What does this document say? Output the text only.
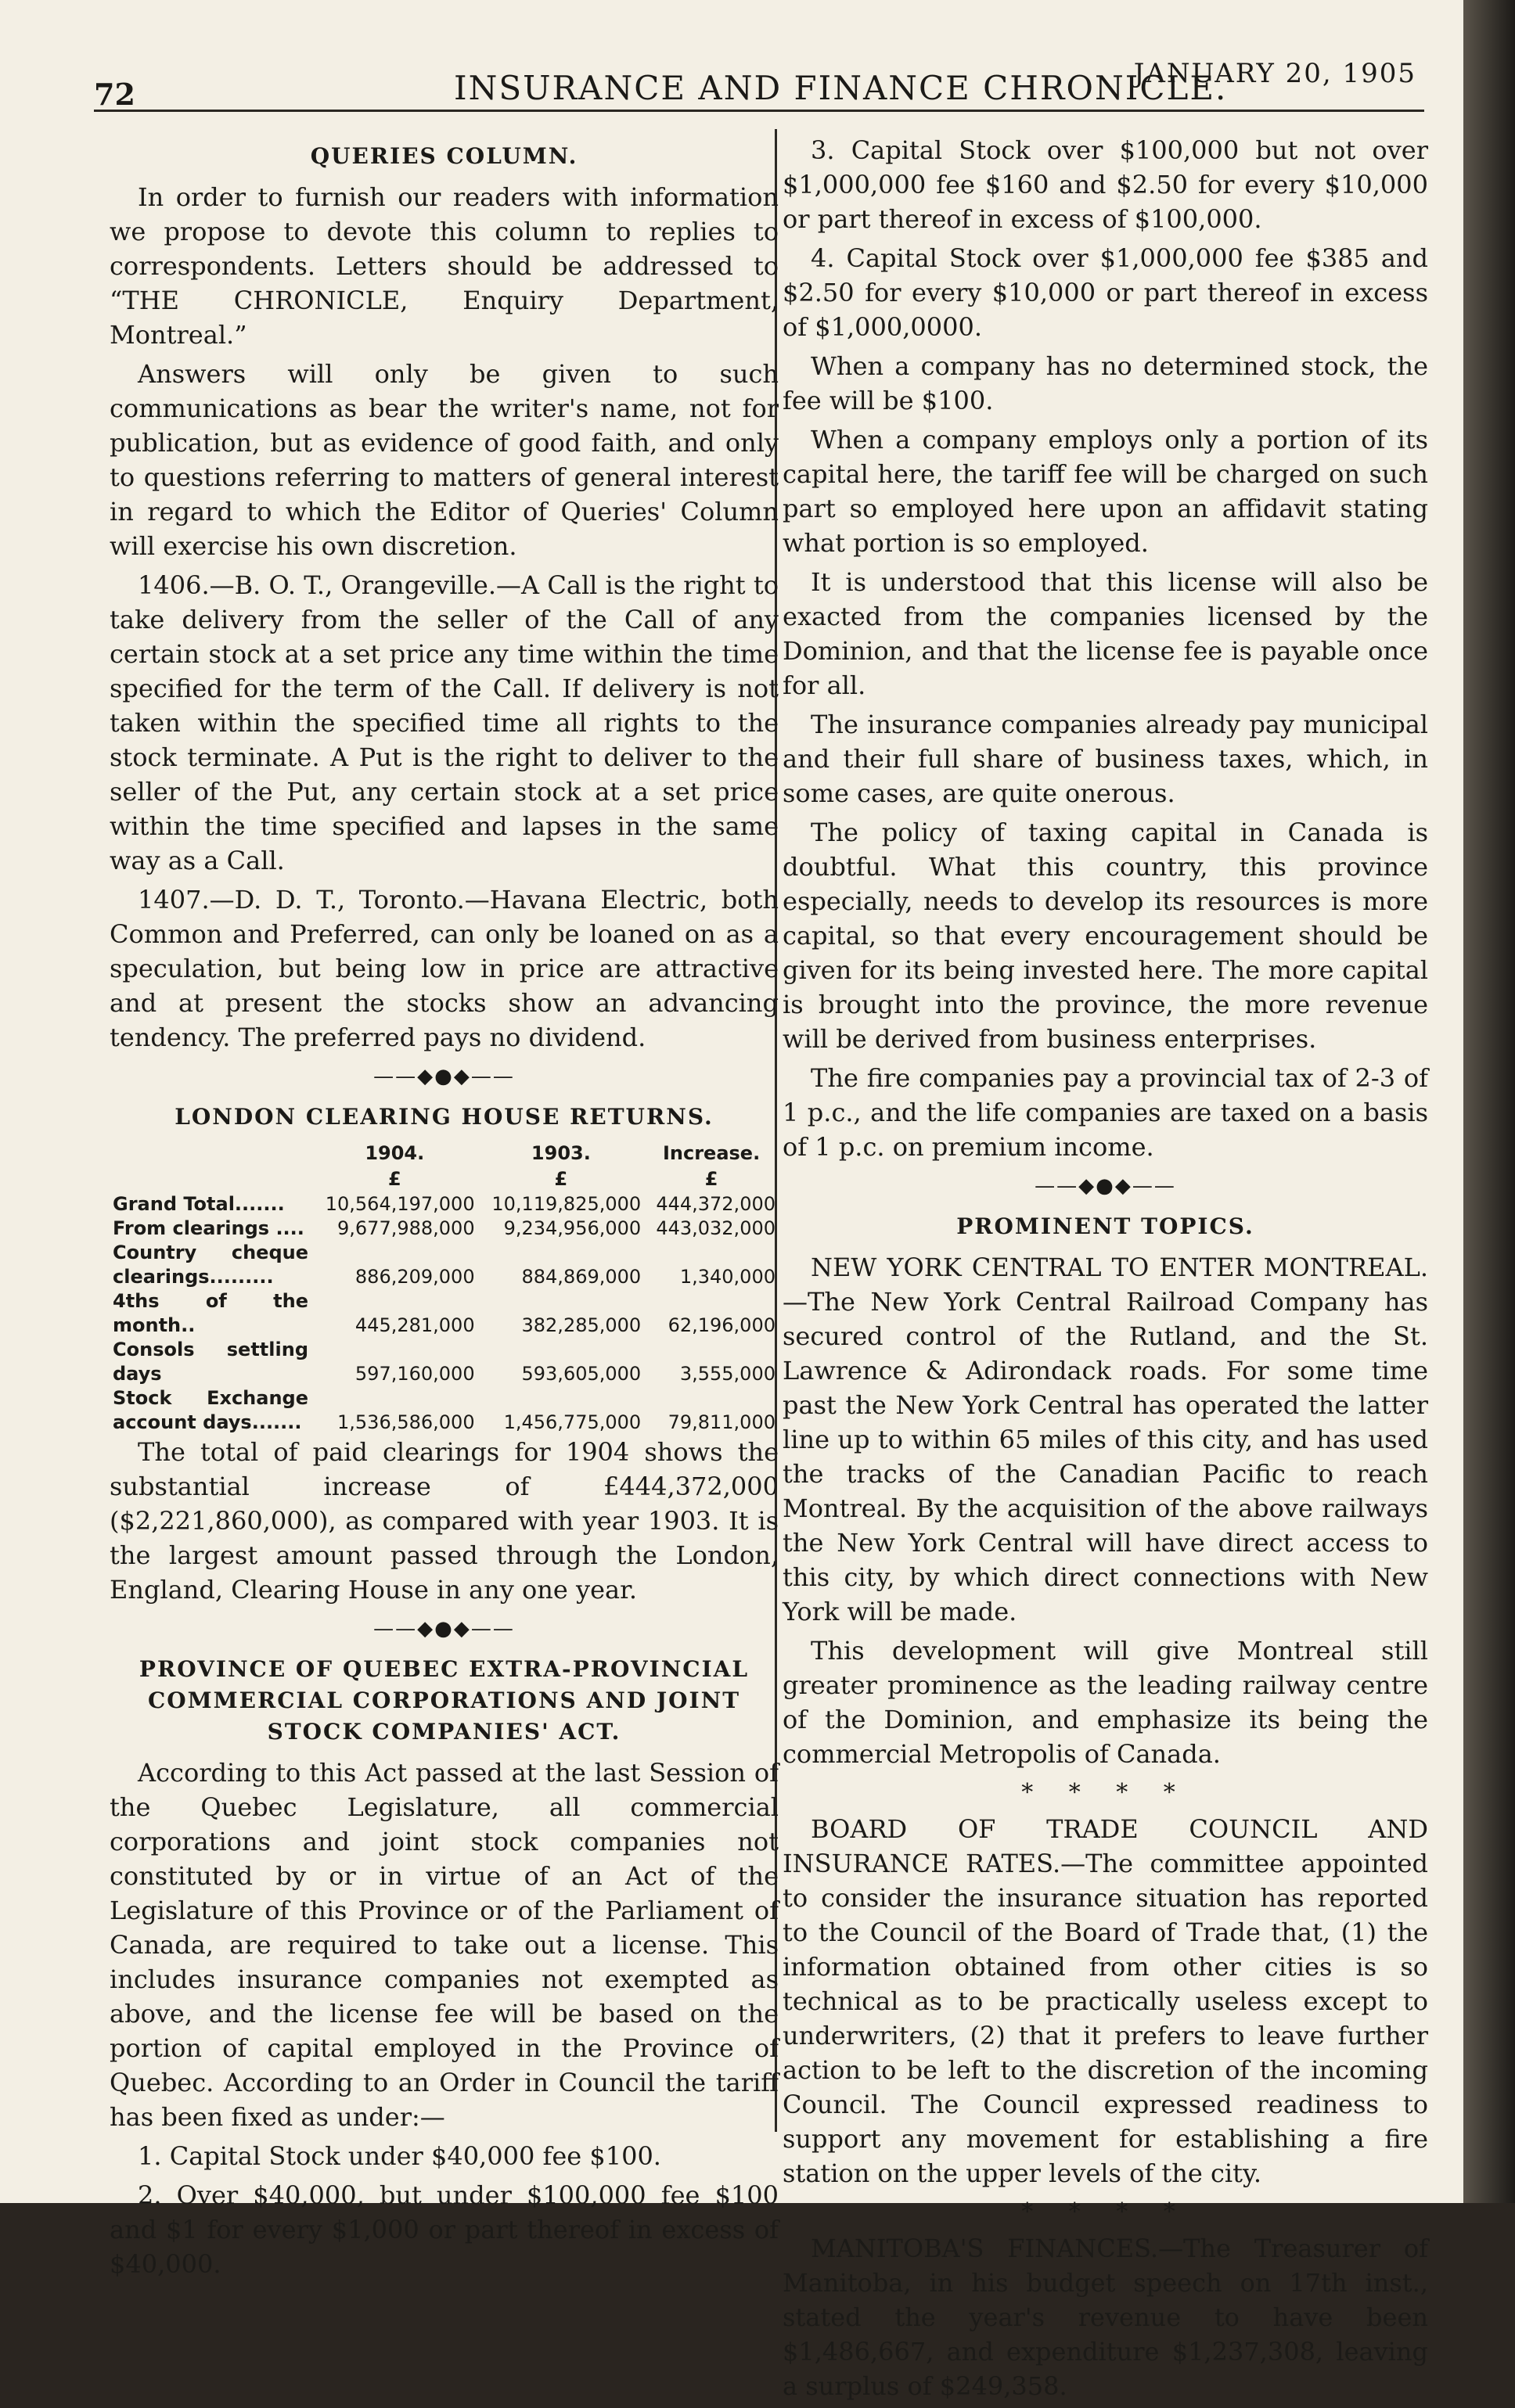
72	INSURANCE AND FINANCE CHRONICLE.
JANUARY 20, 1905
QUERIES COLUMN.

In order to furnish our readers with information we propose to devote this column to replies to correspondents. Letters should be addressed to “THE CHRONICLE, Enquiry Department, Montreal.”

Answers will only be given to such communications as bear the writer's name, not for publication, but as evidence of good faith, and only to questions referring to matters of general interest in regard to which the Editor of Queries' Column will exercise his own discretion.

1406.—B. O. T., Orangeville.—A Call is the right to take delivery from the seller of the Call of any certain stock at a set price any time within the time specified for the term of the Call. If delivery is not taken within the specified time all rights to the stock terminate. A Put is the right to deliver to the seller of the Put, any certain stock at a set price within the time specified and lapses in the same way as a Call.

1407.—D. D. T., Toronto.—Havana Electric, both Common and Preferred, can only be loaned on as a speculation, but being low in price are attractive and at present the stocks show an advancing tendency. The preferred pays no dividend.

——◆●◆——
LONDON CLEARING HOUSE RETURNS.
	1904.	1903.	Increase.
	£	£	£
Grand Total.......	10,564,197,000	10,119,825,000	444,372,000
From clearings ....	9,677,988,000	9,234,956,000	443,032,000
Country cheque clearings.........	886,209,000	884,869,000	1,340,000
4ths of the month..	445,281,000	382,285,000	62,196,000
Consols settling days	597,160,000	593,605,000	3,555,000
Stock Exchange account days.......	1,536,586,000	1,456,775,000	79,811,000

The total of paid clearings for 1904 shows the substantial increase of £444,372,000 ($2,221,860,000), as compared with year 1903. It is the largest amount passed through the London, England, Clearing House in any one year.

——◆●◆——
PROVINCE OF QUEBEC EXTRA-PROVINCIAL COMMERCIAL CORPORATIONS AND JOINT STOCK COMPANIES' ACT.

According to this Act passed at the last Session of the Quebec Legislature, all commercial corporations and joint stock companies not constituted by or in virtue of an Act of the Legislature of this Province or of the Parliament of Canada, are required to take out a license. This includes insurance companies not exempted as above, and the license fee will be based on the portion of capital employed in the Province of Quebec. According to an Order in Council the tariff has been fixed as under:—

1. Capital Stock under $40,000 fee $100.

2. Over $40,000, but under $100,000 fee $100 and $1 for every $1,000 or part thereof in excess of $40,000.

3. Capital Stock over $100,000 but not over $1,000,000 fee $160 and $2.50 for every $10,000 or part thereof in excess of $100,000.

4. Capital Stock over $1,000,000 fee $385 and $2.50 for every $10,000 or part thereof in excess of $1,000,0000.

When a company has no determined stock, the fee will be $100.

When a company employs only a portion of its capital here, the tariff fee will be charged on such part so employed here upon an affidavit stating what portion is so employed.

It is understood that this license will also be exacted from the companies licensed by the Dominion, and that the license fee is payable once for all.

The insurance companies already pay municipal and their full share of business taxes, which, in some cases, are quite onerous.

The policy of taxing capital in Canada is doubtful. What this country, this province especially, needs to develop its resources is more capital, so that every encouragement should be given for its being invested here. The more capital is brought into the province, the more revenue will be derived from business enterprises.

The fire companies pay a provincial tax of 2-3 of 1 p.c., and the life companies are taxed on a basis of 1 p.c. on premium income.

——◆●◆——
PROMINENT TOPICS.

NEW YORK CENTRAL TO ENTER MONTREAL.—The New York Central Railroad Company has secured control of the Rutland, and the St. Lawrence & Adirondack roads. For some time past the New York Central has operated the latter line up to within 65 miles of this city, and has used the tracks of the Canadian Pacific to reach Montreal. By the acquisition of the above railways the New York Central will have direct access to this city, by which direct connections with New York will be made.

This development will give Montreal still greater prominence as the leading railway centre of the Dominion, and emphasize its being the commercial Metropolis of Canada.

* * * *

BOARD OF TRADE COUNCIL AND INSURANCE RATES.—The committee appointed to consider the insurance situation has reported to the Council of the Board of Trade that, (1) the information obtained from other cities is so technical as to be practically useless except to underwriters, (2) that it prefers to leave further action to be left to the discretion of the incoming Council. The Council expressed readiness to support any movement for establishing a fire station on the upper levels of the city.

* * * *

MANITOBA'S FINANCES.—The Treasurer of Manitoba, in his budget speech on 17th inst., stated the year's revenue to have been $1,486,667, and expenditure $1,237,308, leaving a surplus of $249,358.
